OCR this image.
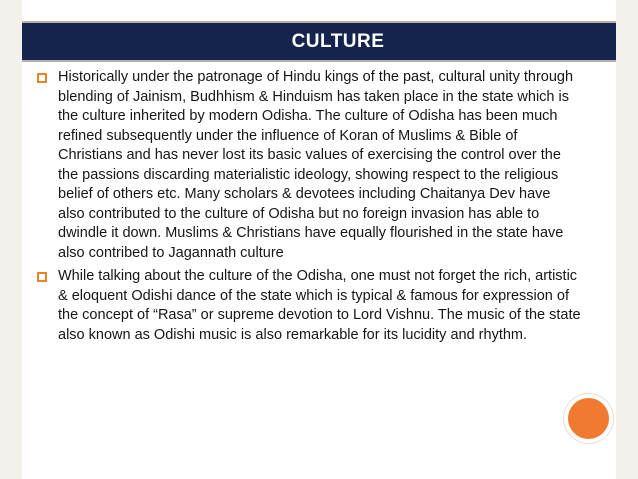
CULTURE
Historically under the patronage of Hindu kings of the past, cultural unity through blending of Jainism, Budhhism & Hinduism has taken place in the state which is the culture inherited by modern Odisha. The culture of Odisha has been much refined subsequently under the influence of Koran of Muslims & Bible of Christians and has never lost its basic values of exercising the control over the the passions discarding materialistic ideology, showing respect to the religious belief of others etc. Many scholars & devotees including Chaitanya Dev have also contributed to the culture of Odisha but no foreign invasion has able to dwindle it down. Muslims & Christians have equally flourished in the state have also contribed to Jagannath culture
While talking about the culture of the Odisha, one must not forget the rich, artistic & eloquent Odishi dance of the state which is typical & famous for expression of the concept of “Rasa” or supreme devotion to Lord Vishnu. The music of the state also known as Odishi music is also remarkable for its lucidity and rhythm.
